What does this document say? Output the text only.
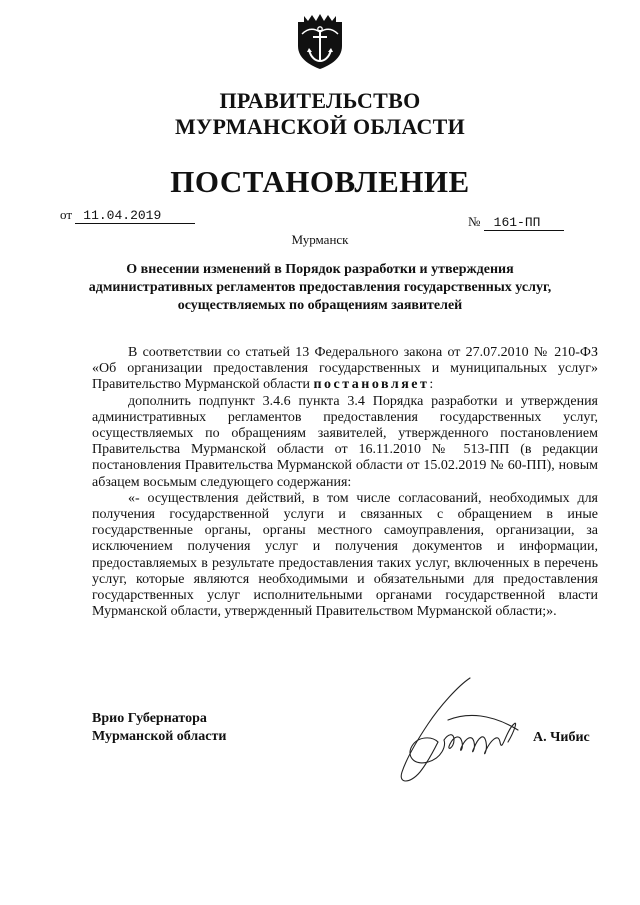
ПРАВИТЕЛЬСТВО
МУРМАНСКОЙ ОБЛАСТИ
ПОСТАНОВЛЕНИЕ
от 11.04.2019	№ 161-ПП
Мурманск
О внесении изменений в Порядок разработки и утверждения
административных регламентов предоставления государственных услуг,
осуществляемых по обращениям заявителей

В соответствии со статьей 13 Федерального закона от 27.07.2010 № 210-ФЗ «Об организации предоставления государственных и муниципальных услуг» Правительство Мурманской области постановляет:

дополнить подпункт 3.4.6 пункта 3.4 Порядка разработки и утверждения административных регламентов предоставления государственных услуг, осуществляемых по обращениям заявителей, утвержденного постановлением Правительства Мурманской области от 16.11.2010 № 513-ПП (в редакции постановления Правительства Мурманской области от 15.02.2019 № 60-ПП), новым абзацем восьмым следующего содержания:

«- осуществления действий, в том числе согласований, необходимых для получения государственной услуги и связанных с обращением в иные государственные органы, органы местного самоуправления, организации, за исключением получения услуг и получения документов и информации, предоставляемых в результате предоставления таких услуг, включенных в перечень услуг, которые являются необходимыми и обязательными для предоставления государственных услуг исполнительными органами государственной власти Мурманской области, утвержденный Правительством Мурманской области;».

Врио Губернатора
Мурманской области	А. Чибис
